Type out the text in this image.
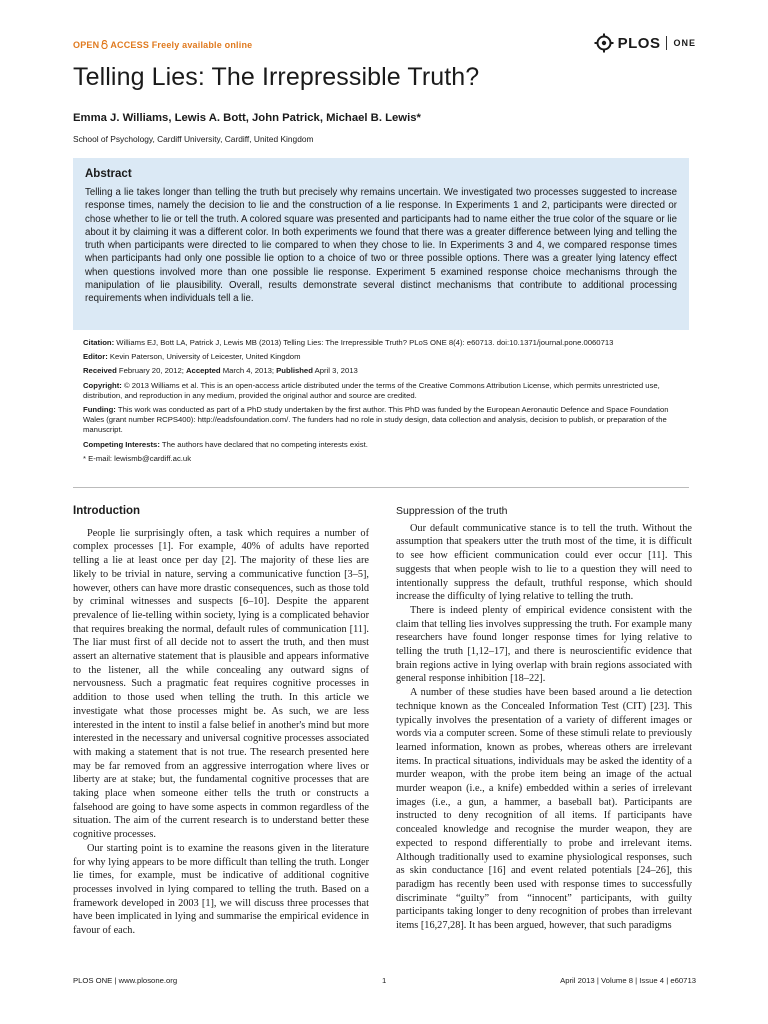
OPEN ACCESS Freely available online	PLOS ONE
Telling Lies: The Irrepressible Truth?
Emma J. Williams, Lewis A. Bott, John Patrick, Michael B. Lewis*
School of Psychology, Cardiff University, Cardiff, United Kingdom
Abstract

Telling a lie takes longer than telling the truth but precisely why remains uncertain. We investigated two processes suggested to increase response times, namely the decision to lie and the construction of a lie response. In Experiments 1 and 2, participants were directed or chose whether to lie or tell the truth. A colored square was presented and participants had to name either the true color of the square or lie about it by claiming it was a different color. In both experiments we found that there was a greater difference between lying and telling the truth when participants were directed to lie compared to when they chose to lie. In Experiments 3 and 4, we compared response times when participants had only one possible lie option to a choice of two or three possible options. There was a greater lying latency effect when questions involved more than one possible lie response. Experiment 5 examined response choice mechanisms through the manipulation of lie plausibility. Overall, results demonstrate several distinct mechanisms that contribute to additional processing requirements when individuals tell a lie.

Citation: Williams EJ, Bott LA, Patrick J, Lewis MB (2013) Telling Lies: The Irrepressible Truth? PLoS ONE 8(4): e60713. doi:10.1371/journal.pone.0060713

Editor: Kevin Paterson, University of Leicester, United Kingdom

Received February 20, 2012; Accepted March 4, 2013; Published April 3, 2013

Copyright: © 2013 Williams et al. This is an open-access article distributed under the terms of the Creative Commons Attribution License, which permits unrestricted use, distribution, and reproduction in any medium, provided the original author and source are credited.

Funding: This work was conducted as part of a PhD study undertaken by the first author. This PhD was funded by the European Aeronautic Defence and Space Foundation Wales (grant number RCPS400): http://eadsfoundation.com/. The funders had no role in study design, data collection and analysis, decision to publish, or preparation of the manuscript.

Competing Interests: The authors have declared that no competing interests exist.

* E-mail: lewismb@cardiff.ac.uk

Introduction

People lie surprisingly often, a task which requires a number of complex processes [1]. For example, 40% of adults have reported telling a lie at least once per day [2]. The majority of these lies are likely to be trivial in nature, serving a communicative function [3–5], however, others can have more drastic consequences, such as those told by criminal witnesses and suspects [6–10]. Despite the apparent prevalence of lie-telling within society, lying is a complicated behavior that requires breaking the normal, default rules of communication [11]. The liar must first of all decide not to assert the truth, and then must assert an alternative statement that is plausible and appears informative to the listener, all the while concealing any outward signs of nervousness. Such a pragmatic feat requires cognitive processes in addition to those used when telling the truth. In this article we investigate what those processes might be. As such, we are less interested in the intent to instil a false belief in another's mind but more interested in the necessary and universal cognitive processes associated with making a statement that is not true. The research presented here may be far removed from an aggressive interrogation where lives or liberty are at stake; but, the fundamental cognitive processes that are taking place when someone either tells the truth or constructs a falsehood are going to have some aspects in common regardless of the situation. The aim of the current research is to understand better these cognitive processes.

Our starting point is to examine the reasons given in the literature for why lying appears to be more difficult than telling the truth. Longer lie times, for example, must be indicative of additional cognitive processes involved in lying compared to telling the truth. Based on a framework developed in 2003 [1], we will discuss three processes that have been implicated in lying and summarise the empirical evidence in favour of each.

Suppression of the truth

Our default communicative stance is to tell the truth. Without the assumption that speakers utter the truth most of the time, it is difficult to see how efficient communication could ever occur [11]. This suggests that when people wish to lie to a question they will need to intentionally suppress the default, truthful response, which should increase the difficulty of lying relative to telling the truth.

There is indeed plenty of empirical evidence consistent with the claim that telling lies involves suppressing the truth. For example many researchers have found longer response times for lying relative to telling the truth [1,12–17], and there is neuroscientific evidence that brain regions active in lying overlap with brain regions associated with general response inhibition [18–22].

A number of these studies have been based around a lie detection technique known as the Concealed Information Test (CIT) [23]. This typically involves the presentation of a variety of different images or words via a computer screen. Some of these stimuli relate to previously learned information, known as probes, whereas others are irrelevant items. In practical situations, individuals may be asked the identity of a murder weapon, with the probe item being an image of the actual murder weapon (i.e., a knife) embedded within a series of irrelevant images (i.e., a gun, a hammer, a baseball bat). Participants are instructed to deny recognition of all items. If participants have concealed knowledge and recognise the murder weapon, they are expected to respond differentially to probe and irrelevant items. Although traditionally used to examine physiological responses, such as skin conductance [16] and event related potentials [24–26], this paradigm has recently been used with response times to successfully discriminate “guilty” from “innocent” participants, with guilty participants taking longer to deny recognition of probes than irrelevant items [16,27,28]. It has been argued, however, that such paradigms

PLOS ONE | www.plosone.org	1	April 2013 | Volume 8 | Issue 4 | e60713
